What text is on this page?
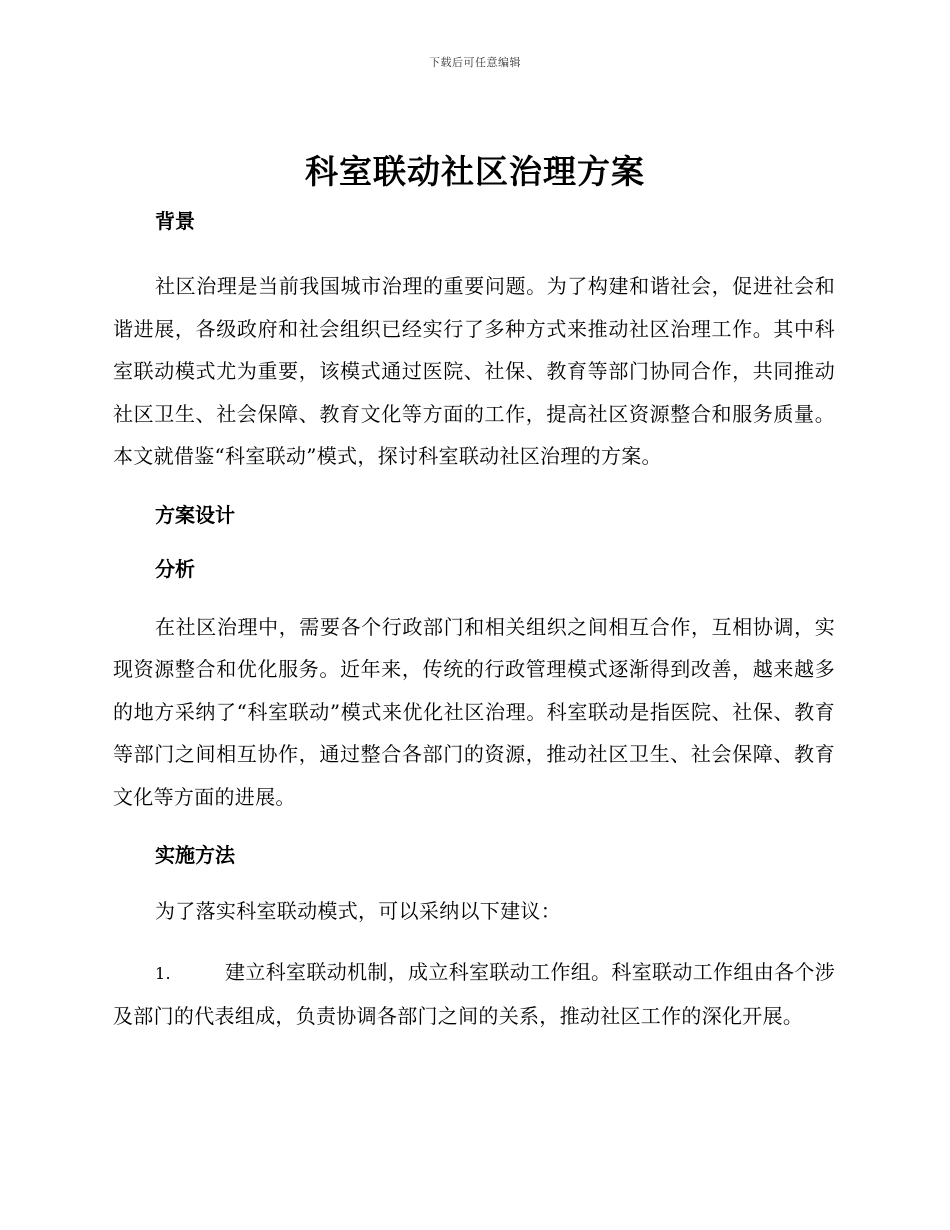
下载后可任意编辑
科室联动社区治理方案
背景

社区治理是当前我国城市治理的重要问题。为了构建和谐社会，促进社会和谐进展，各级政府和社会组织已经实行了多种方式来推动社区治理工作。其中科室联动模式尤为重要，该模式通过医院、社保、教育等部门协同合作，共同推动社区卫生、社会保障、教育文化等方面的工作，提高社区资源整合和服务质量。本文就借鉴“科室联动”模式，探讨科室联动社区治理的方案。

方案设计
分析

在社区治理中，需要各个行政部门和相关组织之间相互合作，互相协调，实现资源整合和优化服务。近年来，传统的行政管理模式逐渐得到改善，越来越多的地方采纳了“科室联动”模式来优化社区治理。科室联动是指医院、社保、教育等部门之间相互协作，通过整合各部门的资源，推动社区卫生、社会保障、教育文化等方面的进展。

实施方法

为了落实科室联动模式，可以采纳以下建议：

1.	建立科室联动机制，成立科室联动工作组。科室联动工作组由各个涉及部门的代表组成，负责协调各部门之间的关系，推动社区工作的深化开展。
